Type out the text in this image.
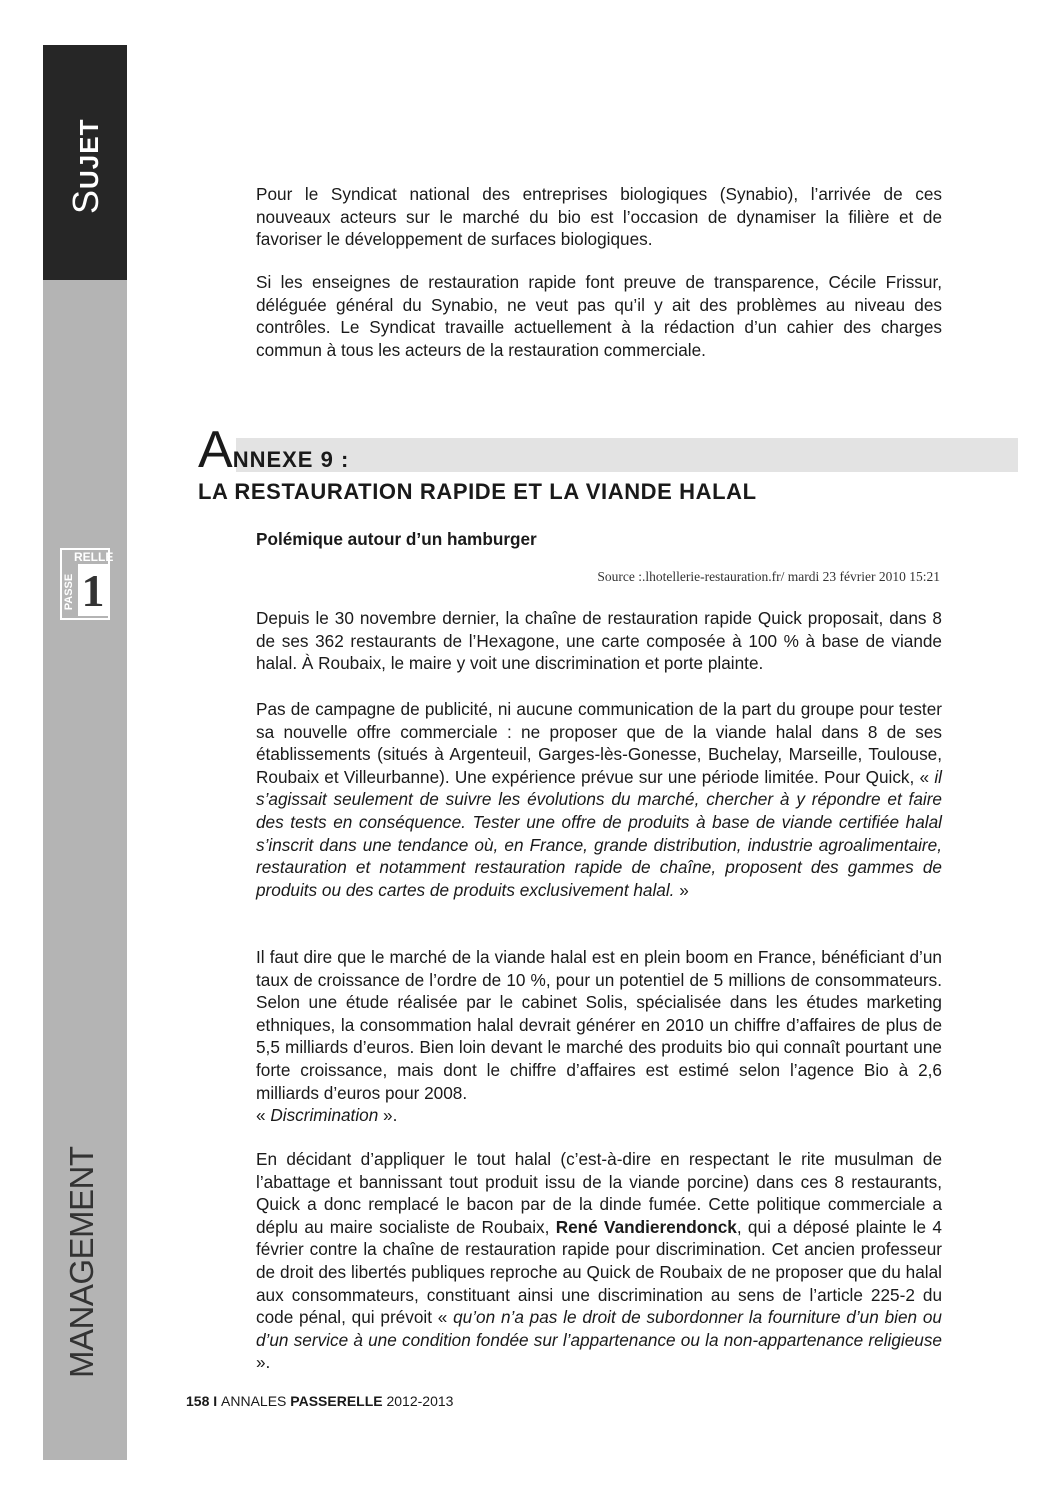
SUJET
RELLE
PASSE 1
MANAGEMENT

Pour le Syndicat national des entreprises biologiques (Synabio), l’arrivée de ces nouveaux acteurs sur le marché du bio est l’occasion de dynamiser la filière et de favoriser le développement de surfaces biologiques.

Si les enseignes de restauration rapide font preuve de transparence, Cécile Frissur, déléguée général du Synabio, ne veut pas qu’il y ait des problèmes au niveau des contrôles. Le Syndicat travaille actuellement à la rédaction d’un cahier des charges commun à tous les acteurs de la restauration commerciale.

ANNEXE 9 :
LA RESTAURATION RAPIDE ET LA VIANDE HALAL
Polémique autour d’un hamburger
Source :.lhotellerie-restauration.fr/ mardi 23 février 2010 15:21

Depuis le 30 novembre dernier, la chaîne de restauration rapide Quick proposait, dans 8 de ses 362 restaurants de l’Hexagone, une carte composée à 100 % à base de viande halal. À Roubaix, le maire y voit une discrimination et porte plainte.

Pas de campagne de publicité, ni aucune communication de la part du groupe pour tester sa nouvelle offre commerciale : ne proposer que de la viande halal dans 8 de ses établissements (situés à Argenteuil, Garges-lès-Gonesse, Buchelay, Marseille, Toulouse, Roubaix et Villeurbanne). Une expérience prévue sur une période limitée. Pour Quick, « il s’agissait seulement de suivre les évolutions du marché, chercher à y répondre et faire des tests en conséquence. Tester une offre de produits à base de viande certifiée halal s’inscrit dans une tendance où, en France, grande distribution, industrie agroalimentaire, restauration et notamment restauration rapide de chaîne, proposent des gammes de produits ou des cartes de produits exclusivement halal. »

Il faut dire que le marché de la viande halal est en plein boom en France, bénéficiant d’un taux de croissance de l’ordre de 10 %, pour un potentiel de 5 millions de consommateurs. Selon une étude réalisée par le cabinet Solis, spécialisée dans les études marketing ethniques, la consommation halal devrait générer en 2010 un chiffre d’affaires de plus de 5,5 milliards d’euros. Bien loin devant le marché des produits bio qui connaît pourtant une forte croissance, mais dont le chiffre d’affaires est estimé selon l’agence Bio à 2,6 milliards d’euros pour 2008.
« Discrimination ».

En décidant d’appliquer le tout halal (c’est-à-dire en respectant le rite musulman de l’abattage et bannissant tout produit issu de la viande porcine) dans ces 8 restaurants, Quick a donc remplacé le bacon par de la dinde fumée. Cette politique commerciale a déplu au maire socialiste de Roubaix, René Vandierendonck, qui a déposé plainte le 4 février contre la chaîne de restauration rapide pour discrimination. Cet ancien professeur de droit des libertés publiques reproche au Quick de Roubaix de ne proposer que du halal aux consommateurs, constituant ainsi une discrimination au sens de l’article 225-2 du code pénal, qui prévoit « qu’on n’a pas le droit de subordonner la fourniture d’un bien ou d’un service à une condition fondée sur l’appartenance ou la non-appartenance religieuse ».

158 I ANNALES PASSERELLE 2012-2013
